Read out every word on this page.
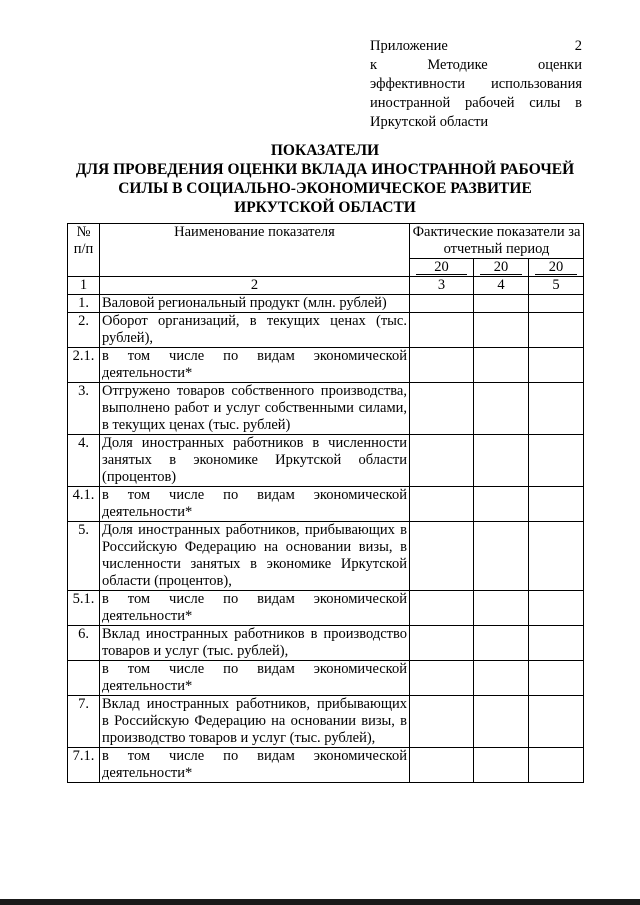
Приложение 2
к Методике оценки
эффективности использования
иностранной рабочей силы в
Иркутской области
ПОКАЗАТЕЛИ
ДЛЯ ПРОВЕДЕНИЯ ОЦЕНКИ ВКЛАДА ИНОСТРАННОЙ РАБОЧЕЙ
СИЛЫ В СОЦИАЛЬНО-ЭКОНОМИЧЕСКОЕ РАЗВИТИЕ
ИРКУТСКОЙ ОБЛАСТИ
№ п/п	Наименование показателя	Фактические показатели за отчетный период		
		20	20	20
1	2	3	4	5
1.	Валовой региональный продукт (млн. рублей)			
2.	Оборот организаций, в текущих ценах (тыс. рублей),			
2.1.	в том числе по видам экономической деятельности*			
3.	Отгружено товаров собственного производства, выполнено работ и услуг собственными силами, в текущих ценах (тыс. рублей)			
4.	Доля иностранных работников в численности занятых в экономике Иркутской области (процентов)			
4.1.	в том числе по видам экономической деятельности*			
5.	Доля иностранных работников, прибывающих в Российскую Федерацию на основании визы, в численности занятых в экономике Иркутской области (процентов),			
5.1.	в том числе по видам экономической деятельности*			
6.	Вклад иностранных работников в производство товаров и услуг (тыс. рублей),			
	в том числе по видам экономической деятельности*			
7.	Вклад иностранных работников, прибывающих в Российскую Федерацию на основании визы, в производство товаров и услуг (тыс. рублей),			
7.1.	в том числе по видам экономической деятельности*			
